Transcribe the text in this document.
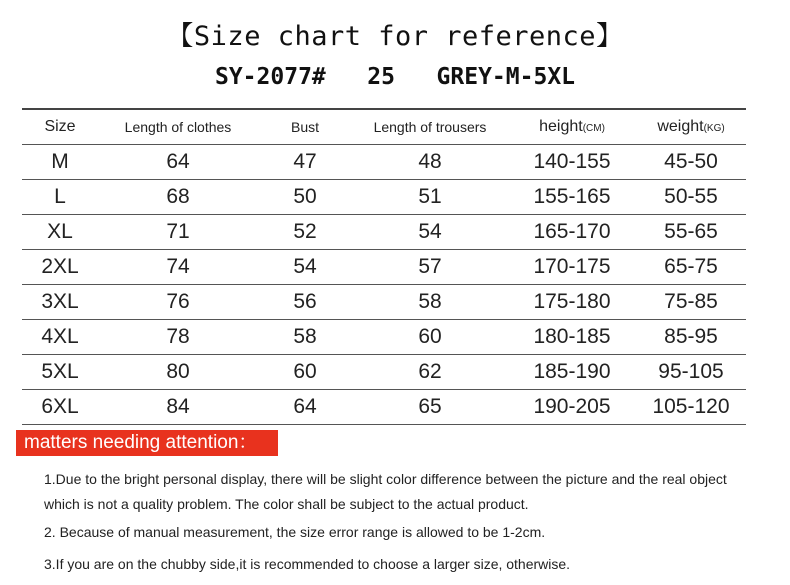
【Size chart for reference】
SY-2077#   25   GREY-M-5XL
Size	Length of clothes	Bust	Length of trousers	height(CM)	weight(KG)
M	64	47	48	140-155	45-50
L	68	50	51	155-165	50-55
XL	71	52	54	165-170	55-65
2XL	74	54	57	170-175	65-75
3XL	76	56	58	175-180	75-85
4XL	78	58	60	180-185	85-95
5XL	80	60	62	185-190	95-105
6XL	84	64	65	190-205	105-120
matters needing attention：
1.Due to the bright personal display, there will be slight color difference between the picture and the real object
which is not a quality problem. The color shall be subject to the actual product.
2. Because of manual measurement, the size error range is allowed to be 1-2cm.
3.If you are on the chubby side,it is recommended to choose a larger size, otherwise.
